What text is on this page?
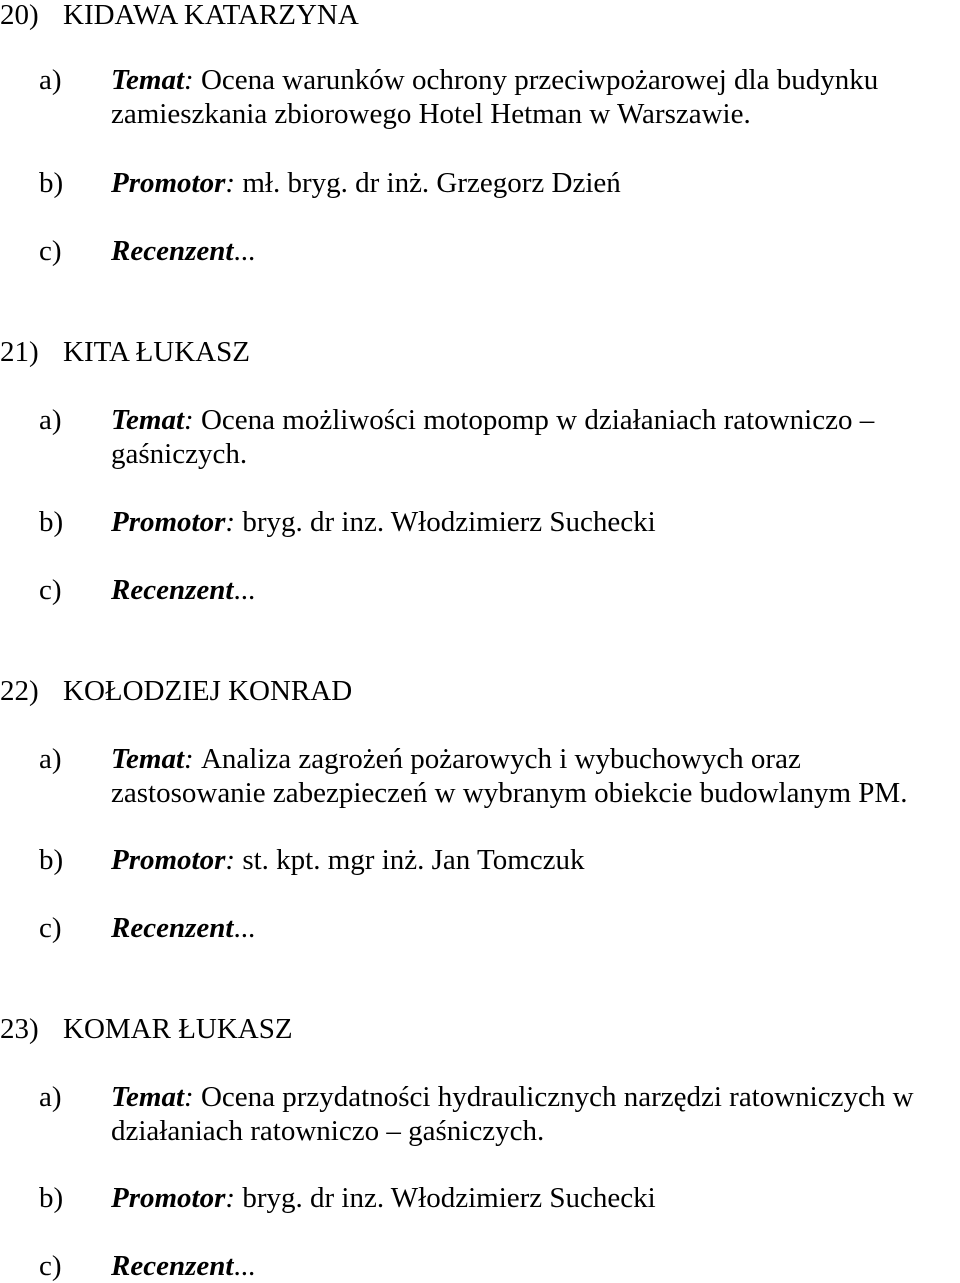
20) KIDAWA KATARZYNA
a) Temat: Ocena warunków ochrony przeciwpożarowej dla budynku
zamieszkania zbiorowego Hotel Hetman w Warszawie.
b) Promotor: mł. bryg. dr inż. Grzegorz Dzień
c) Recenzent...
21) KITA ŁUKASZ
a) Temat: Ocena możliwości motopomp w działaniach ratowniczo –
gaśniczych.
b) Promotor: bryg. dr inz. Włodzimierz Suchecki
c) Recenzent...
22) KOŁODZIEJ KONRAD
a) Temat: Analiza zagrożeń pożarowych i wybuchowych oraz
zastosowanie zabezpieczeń w wybranym obiekcie budowlanym PM.
b) Promotor: st. kpt. mgr inż. Jan Tomczuk
c) Recenzent...
23) KOMAR ŁUKASZ
a) Temat: Ocena przydatności hydraulicznych narzędzi ratowniczych w
działaniach ratowniczo – gaśniczych.
b) Promotor: bryg. dr inz. Włodzimierz Suchecki
c) Recenzent...
